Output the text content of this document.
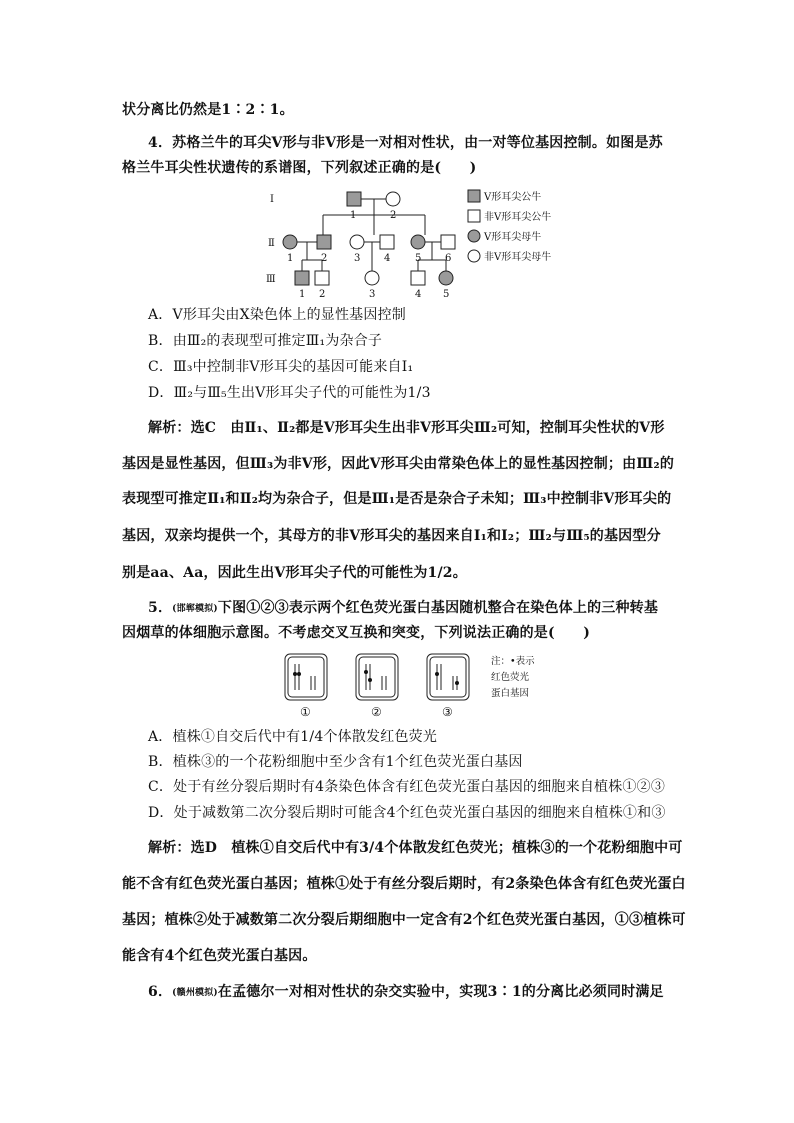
状分离比仍然是1∶2∶1。
4．苏格兰牛的耳尖V形与非V形是一对相对性状，由一对等位基因控制。如图是苏
格兰牛耳尖性状遗传的系谱图，下列叙述正确的是(　　)
Ⅰ
Ⅱ
Ⅲ
1	2
1	2	3 4 5 6
1 2	3	4 5
V形耳尖公牛
非V形耳尖公牛
V形耳尖母牛
非V形耳尖母牛
A．V形耳尖由X染色体上的显性基因控制
B．由Ⅲ₂的表现型可推定Ⅲ₁为杂合子
C．Ⅲ₃中控制非V形耳尖的基因可能来自Ⅰ₁
D．Ⅲ₂与Ⅲ₅生出V形耳尖子代的可能性为1/3
解析：选C　由Ⅱ₁、Ⅱ₂都是V形耳尖生出非V形耳尖Ⅲ₂可知，控制耳尖性状的V形
基因是显性基因，但Ⅲ₃为非V形，因此V形耳尖由常染色体上的显性基因控制；由Ⅲ₂的
表现型可推定Ⅱ₁和Ⅱ₂均为杂合子，但是Ⅲ₁是否是杂合子未知；Ⅲ₃中控制非V形耳尖的
基因，双亲均提供一个，其母方的非V形耳尖的基因来自Ⅰ₁和Ⅰ₂；Ⅲ₂与Ⅲ₅的基因型分
别是aa、Aa，因此生出V形耳尖子代的可能性为1/2。
5．(邯郸模拟)下图①②③表示两个红色荧光蛋白基因随机整合在染色体上的三种转基
因烟草的体细胞示意图。不考虑交叉互换和突变，下列说法正确的是(　　)
①	②	③
注：•表示
红色荧光
蛋白基因
A．植株①自交后代中有1/4个体散发红色荧光
B．植株③的一个花粉细胞中至少含有1个红色荧光蛋白基因
C．处于有丝分裂后期时有4条染色体含有红色荧光蛋白基因的细胞来自植株①②③
D．处于减数第二次分裂后期时可能含4个红色荧光蛋白基因的细胞来自植株①和③
解析：选D　植株①自交后代中有3/4个体散发红色荧光；植株③的一个花粉细胞中可
能不含有红色荧光蛋白基因；植株①处于有丝分裂后期时，有2条染色体含有红色荧光蛋白
基因；植株②处于减数第二次分裂后期细胞中一定含有2个红色荧光蛋白基因，①③植株可
能含有4个红色荧光蛋白基因。
6．(赣州模拟)在孟德尔一对相对性状的杂交实验中，实现3∶1的分离比必须同时满足
